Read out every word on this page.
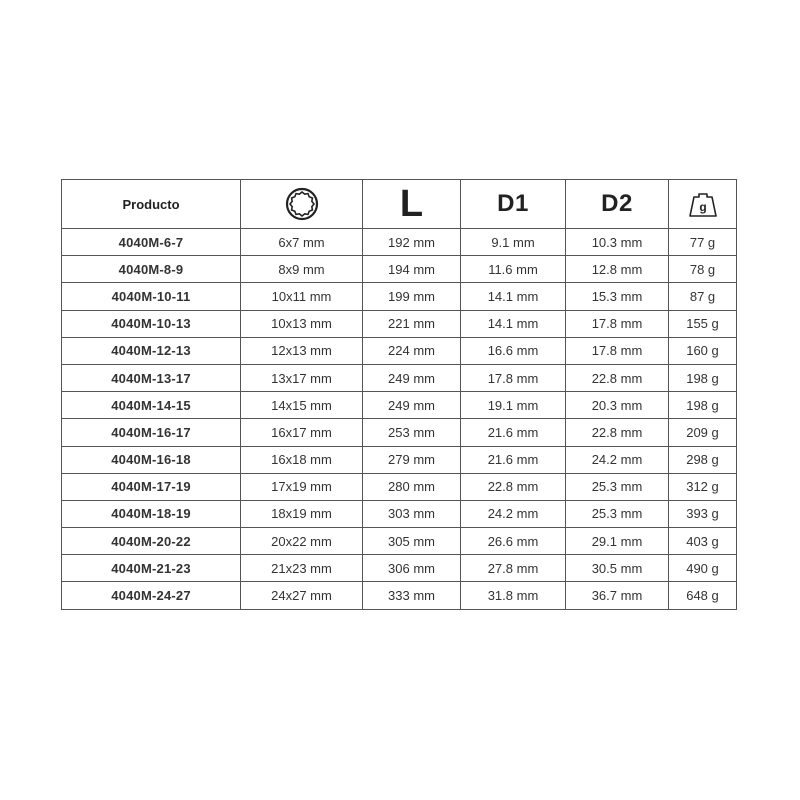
Producto		L	D1	D2	g

4040M-6-7	6x7 mm	192 mm	9.1 mm	10.3 mm	77 g
4040M-8-9	8x9 mm	194 mm	11.6 mm	12.8 mm	78 g
4040M-10-11	10x11 mm	199 mm	14.1 mm	15.3 mm	87 g
4040M-10-13	10x13 mm	221 mm	14.1 mm	17.8 mm	155 g
4040M-12-13	12x13 mm	224 mm	16.6 mm	17.8 mm	160 g
4040M-13-17	13x17 mm	249 mm	17.8 mm	22.8 mm	198 g
4040M-14-15	14x15 mm	249 mm	19.1 mm	20.3 mm	198 g
4040M-16-17	16x17 mm	253 mm	21.6 mm	22.8 mm	209 g
4040M-16-18	16x18 mm	279 mm	21.6 mm	24.2 mm	298 g
4040M-17-19	17x19 mm	280 mm	22.8 mm	25.3 mm	312 g
4040M-18-19	18x19 mm	303 mm	24.2 mm	25.3 mm	393 g
4040M-20-22	20x22 mm	305 mm	26.6 mm	29.1 mm	403 g
4040M-21-23	21x23 mm	306 mm	27.8 mm	30.5 mm	490 g
4040M-24-27	24x27 mm	333 mm	31.8 mm	36.7 mm	648 g
